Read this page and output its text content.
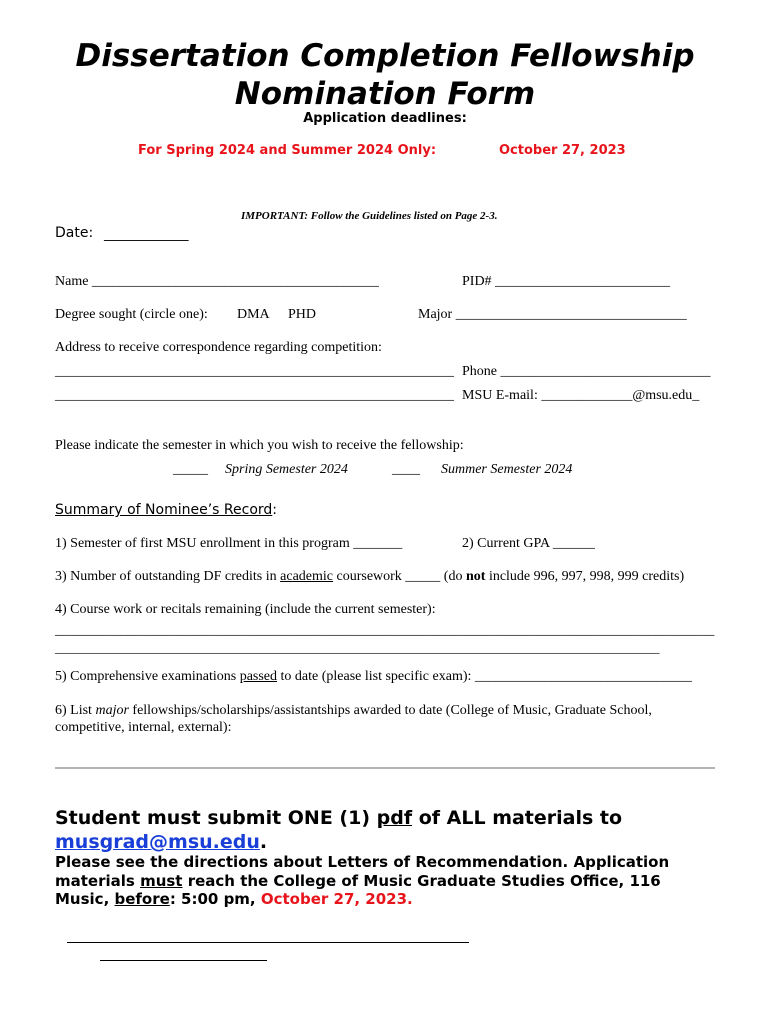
Dissertation Completion Fellowship
Nomination Form
Application deadlines:
For Spring 2024 and Summer 2024 Only:	October 27, 2023
IMPORTANT: Follow the Guidelines listed on Page 2-3.
Date: _____________
Name _________________________________________	PID# _________________________
Degree sought (circle one): DMA PHD	Major _________________________________
Address to receive correspondence regarding competition:
_________________________________________________________ Phone ______________________________
_________________________________________________________ MSU E-mail: _____________@msu.edu_
Please indicate the semester in which you wish to receive the fellowship:
_____ Spring Semester 2024	____ Summer Semester 2024
Summary of Nominee’s Record:
1) Semester of first MSU enrollment in this program _______	2) Current GPA ______
3) Number of outstanding DF credits in academic coursework _____ (do not include 996, 997, 998, 999 credits)
4) Course work or recitals remaining (include the current semester):
____________________________________________________________________________________________________
_____________________________________________________________________________________________
5) Comprehensive examinations passed to date (please list specific exam): _______________________________
6) List major fellowships/scholarships/assistantships awarded to date (College of Music, Graduate School,
competitive, internal, external):
Student must submit ONE (1) pdf of ALL materials to
musgrad@msu.edu.
Please see the directions about Letters of Recommendation. Application
materials must reach the College of Music Graduate Studies Office, 116
Music, before: 5:00 pm, October 27, 2023.
